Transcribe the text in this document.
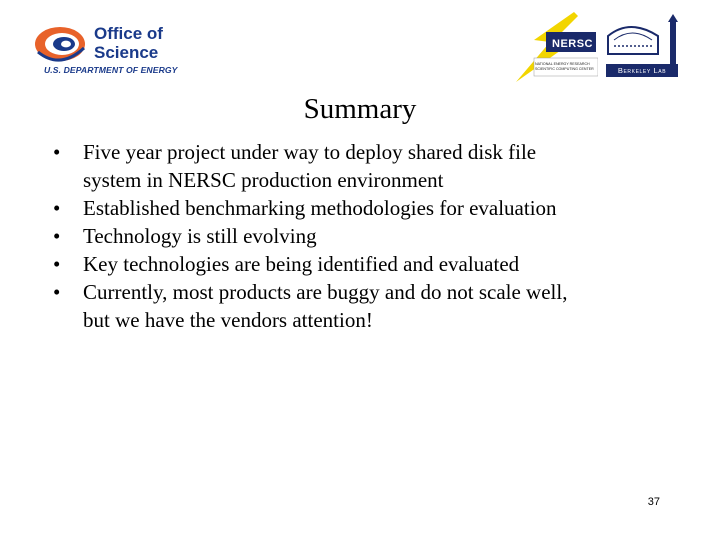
Office of
Science
U.S. DEPARTMENT OF ENERGY
NERSC
NATIONAL ENERGY RESEARCH
SCIENTIFIC COMPUTING CENTER	Berkeley Lab
Summary
• Five year project under way to deploy shared disk file
system in NERSC production environment
• Established benchmarking methodologies for evaluation
• Technology is still evolving
• Key technologies are being identified and evaluated
• Currently, most products are buggy and do not scale well,
but we have the vendors attention!
37
